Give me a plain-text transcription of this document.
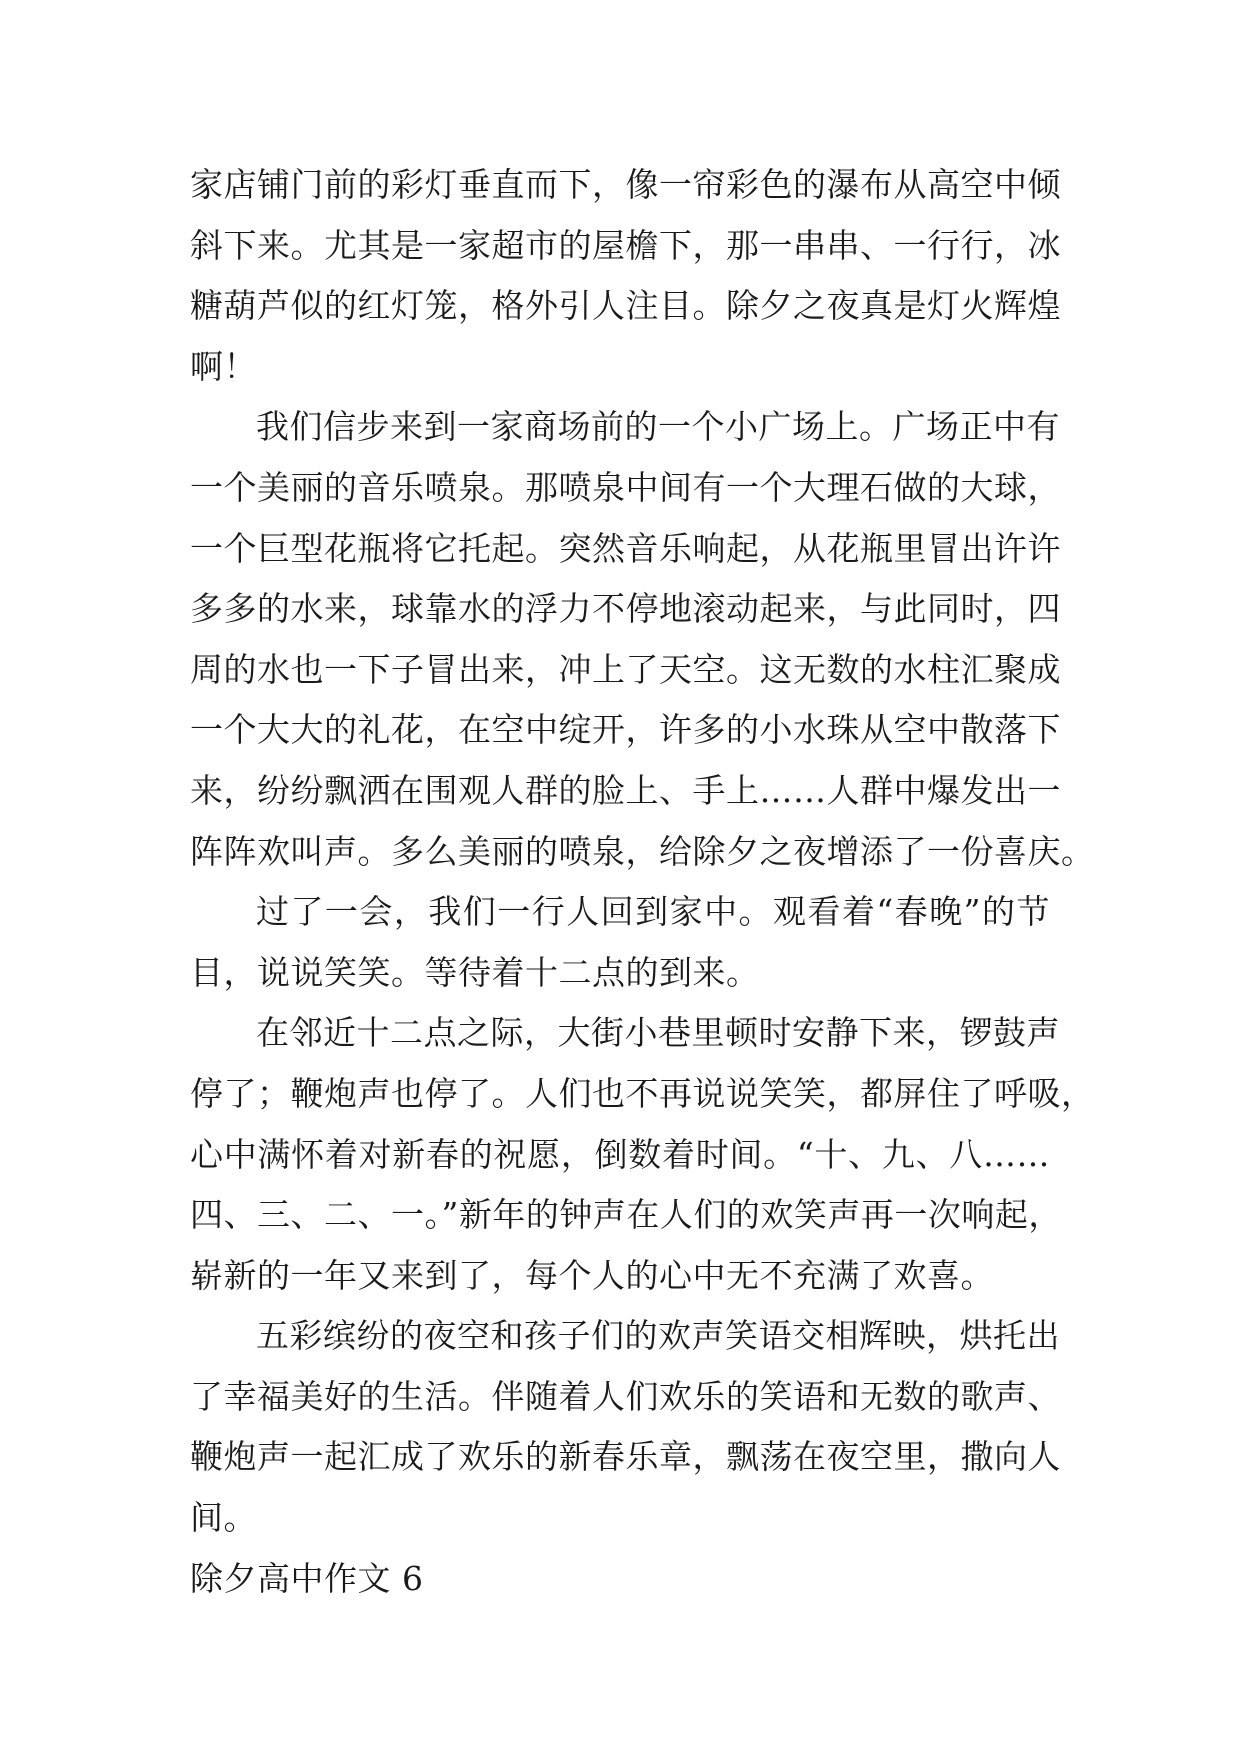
家店铺门前的彩灯垂直而下，像一帘彩色的瀑布从高空中倾
斜下来。尤其是一家超市的屋檐下，那一串串、一行行，冰
糖葫芦似的红灯笼，格外引人注目。除夕之夜真是灯火辉煌
啊！
我们信步来到一家商场前的一个小广场上。广场正中有
一个美丽的音乐喷泉。那喷泉中间有一个大理石做的大球，
一个巨型花瓶将它托起。突然音乐响起，从花瓶里冒出许许
多多的水来，球靠水的浮力不停地滚动起来，与此同时，四
周的水也一下子冒出来，冲上了天空。这无数的水柱汇聚成
一个大大的礼花，在空中绽开，许多的小水珠从空中散落下
来，纷纷飘洒在围观人群的脸上、手上……人群中爆发出一
阵阵欢叫声。多么美丽的喷泉，给除夕之夜增添了一份喜庆。
过了一会，我们一行人回到家中。观看着“春晚”的节
目，说说笑笑。等待着十二点的到来。
在邻近十二点之际，大街小巷里顿时安静下来，锣鼓声
停了；鞭炮声也停了。人们也不再说说笑笑，都屏住了呼吸，
心中满怀着对新春的祝愿，倒数着时间。“十、九、八……
四、三、二、一。”新年的钟声在人们的欢笑声再一次响起，
崭新的一年又来到了，每个人的心中无不充满了欢喜。
五彩缤纷的夜空和孩子们的欢声笑语交相辉映，烘托出
了幸福美好的生活。伴随着人们欢乐的笑语和无数的歌声、
鞭炮声一起汇成了欢乐的新春乐章，飘荡在夜空里，撒向人
间。
除夕高中作文 6
